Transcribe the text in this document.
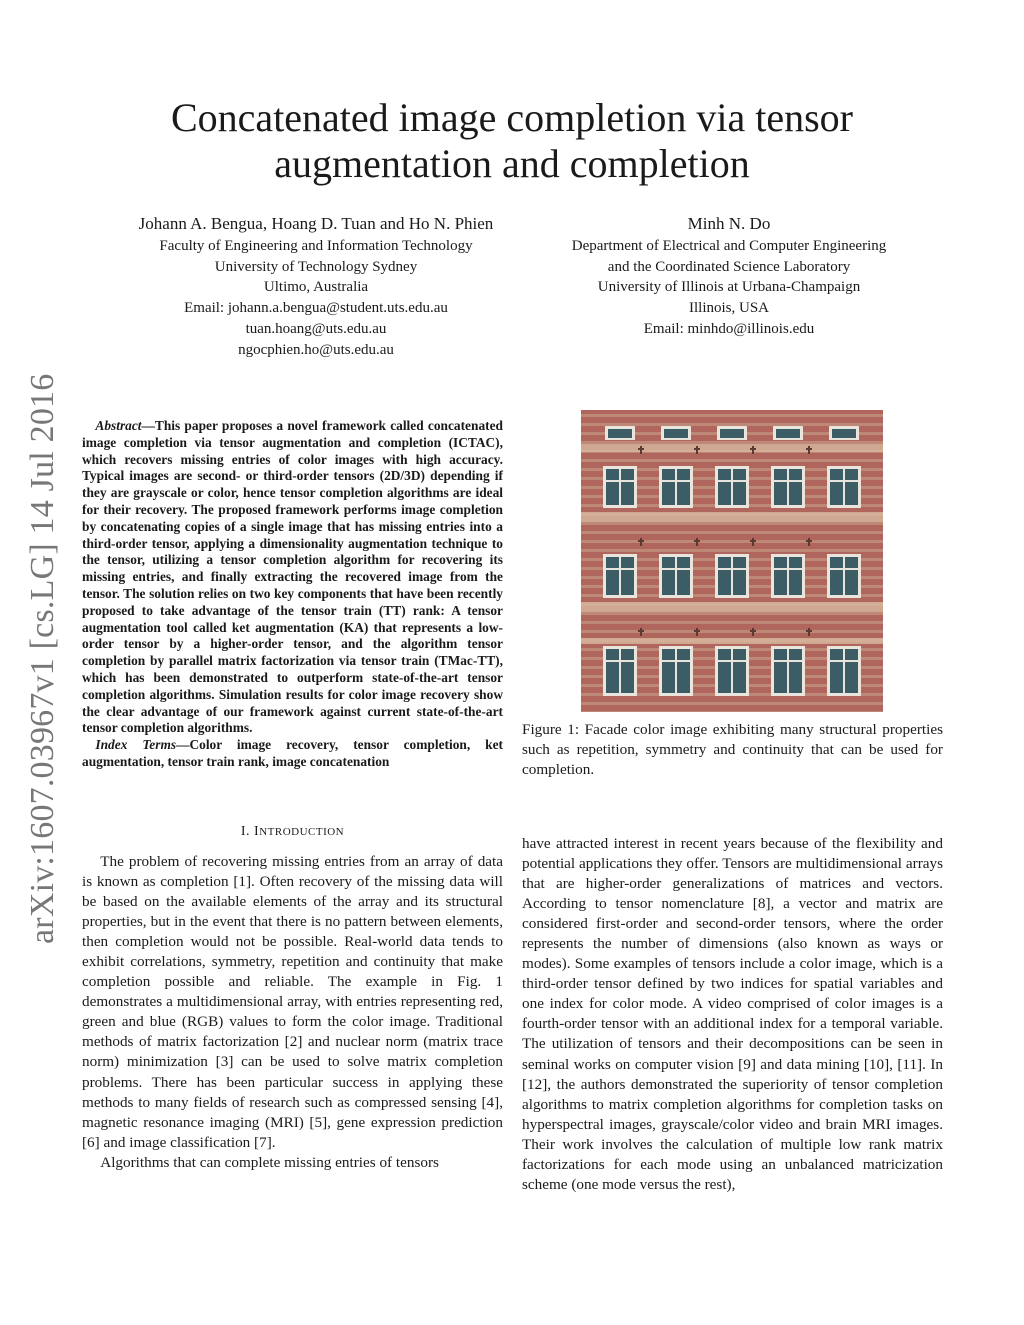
Concatenated image completion via tensor augmentation and completion
Johann A. Bengua, Hoang D. Tuan and Ho N. Phien
Faculty of Engineering and Information Technology
University of Technology Sydney
Ultimo, Australia
Email: johann.a.bengua@student.uts.edu.au
tuan.hoang@uts.edu.au
ngocphien.ho@uts.edu.au
Minh N. Do
Department of Electrical and Computer Engineering
and the Coordinated Science Laboratory
University of Illinois at Urbana-Champaign
Illinois, USA
Email: minhdo@illinois.edu
arXiv:1607.03967v1 [cs.LG] 14 Jul 2016	Abstract—This paper proposes a novel framework called concatenated image completion via tensor augmentation and completion (ICTAC), which recovers missing entries of color images with high accuracy. Typical images are second- or third-order tensors (2D/3D) depending if they are grayscale or color, hence tensor completion algorithms are ideal for their recovery. The proposed framework performs image completion by concatenating copies of a single image that has missing entries into a third-order tensor, applying a dimensionality augmentation technique to the tensor, utilizing a tensor completion algorithm for recovering its missing entries, and finally extracting the recovered image from the tensor. The solution relies on two key components that have been recently proposed to take advantage of the tensor train (TT) rank: A tensor augmentation tool called ket augmentation (KA) that represents a low-order tensor by a higher-order tensor, and the algorithm tensor completion by parallel matrix factorization via tensor train (TMac-TT), which has been demonstrated to outperform state-of-the-art tensor completion algorithms. Simulation results for color image recovery show the clear advantage of our framework against current state-of-the-art tensor completion algorithms.

Index Terms—Color image recovery, tensor completion, ket augmentation, tensor train rank, image concatenation

I. INTRODUCTION

The problem of recovering missing entries from an array of data is known as completion [1]. Often recovery of the missing data will be based on the available elements of the array and its structural properties, but in the event that there is no pattern between elements, then completion would not be possible. Real-world data tends to exhibit correlations, symmetry, repetition and continuity that make completion possible and reliable. The example in Fig. 1 demonstrates a multidimensional array, with entries representing red, green and blue (RGB) values to form the color image. Traditional methods of matrix factorization [2] and nuclear norm (matrix trace norm) minimization [3] can be used to solve matrix completion problems. There has been particular success in applying these methods to many fields of research such as compressed sensing [4], magnetic resonance imaging (MRI) [5], gene expression prediction [6] and image classification [7].

Algorithms that can complete missing entries of tensors

Figure 1: Facade color image exhibiting many structural properties such as repetition, symmetry and continuity that can be used for completion.

have attracted interest in recent years because of the flexibility and potential applications they offer. Tensors are multidimensional arrays that are higher-order generalizations of matrices and vectors. According to tensor nomenclature [8], a vector and matrix are considered first-order and second-order tensors, where the order represents the number of dimensions (also known as ways or modes). Some examples of tensors include a color image, which is a third-order tensor defined by two indices for spatial variables and one index for color mode. A video comprised of color images is a fourth-order tensor with an additional index for a temporal variable. The utilization of tensors and their decompositions can be seen in seminal works on computer vision [9] and data mining [10], [11]. In [12], the authors demonstrated the superiority of tensor completion algorithms to matrix completion algorithms for completion tasks on hyperspectral images, grayscale/color video and brain MRI images. Their work involves the calculation of multiple low rank matrix factorizations for each mode using an unbalanced matricization scheme (one mode versus the rest),
